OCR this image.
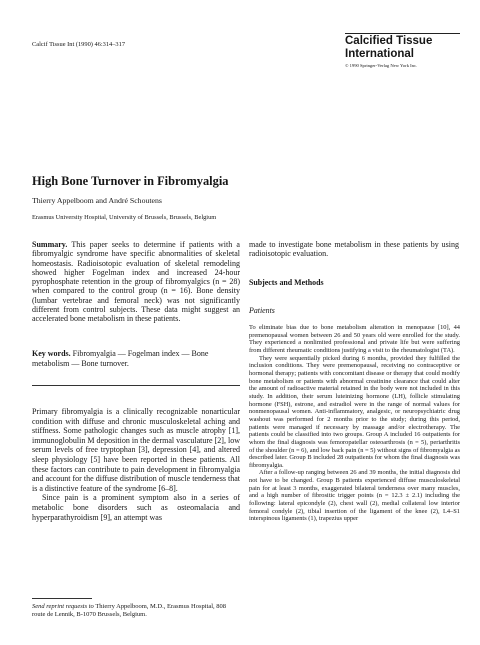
Calcif Tissue Int (1990) 46:314–317	Calcified Tissue
International
© 1990 Springer-Verlag New York Inc.
High Bone Turnover in Fibromyalgia
Thierry Appelboom and André Schoutens
Erasmus University Hospital, University of Brussels, Brussels, Belgium
Summary. This paper seeks to determine if patients with a fibromyalgic syndrome have specific abnormalities of skeletal homeostasis. Radioisotopic evaluation of skeletal remodeling showed higher Fogelman index and increased 24-hour pyrophosphate retention in the group of fibromyalgics (n = 28) when compared to the control group (n = 16). Bone density (lumbar vertebrae and femoral neck) was not significantly different from control subjects. These data might suggest an accelerated bone metabolism in these patients.
Key words. Fibromyalgia — Fogelman index — Bone metabolism — Bone turnover.

Primary fibromyalgia is a clinically recognizable nonarticular condition with diffuse and chronic musculoskeletal aching and stiffness. Some pathologic changes such as muscle atrophy [1], immunoglobulin M deposition in the dermal vasculature [2], low serum levels of free tryptophan [3], depression [4], and altered sleep physiology [5] have been reported in these patients. All these factors can contribute to pain development in fibromyalgia and account for the diffuse distribution of muscle tenderness that is a distinctive feature of the syndrome [6–8].

Since pain is a prominent symptom also in a series of metabolic bone disorders such as osteomalacia and hyperparathyroidism [9], an attempt was

Send reprint requests to Thierry Appelboom, M.D., Erasmus Hospital, 808 route de Lennik, B-1070 Brussels, Belgium.
made to investigate bone metabolism in these patients by using radioisotopic evaluation.
Subjects and Methods
Patients

To eliminate bias due to bone metabolism alteration in menopause [10], 44 premenopausal women between 26 and 50 years old were enrolled for the study. They experienced a nonlimited professional and private life but were suffering from different rheumatic conditions justifying a visit to the rheumatologist (TA).

They were sequentially picked during 6 months, provided they fulfilled the inclusion conditions. They were premenopausal, receiving no contraceptive or hormonal therapy; patients with concomitant disease or therapy that could modify bone metabolism or patients with abnormal creatinine clearance that could alter the amount of radioactive material retained in the body were not included in this study. In addition, their serum luteinizing hormone (LH), follicle stimulating hormone (FSH), estrone, and estradiol were in the range of normal values for nonmenopausal women. Anti-inflammatory, analgesic, or neuropsychiatric drug washout was performed for 2 months prior to the study; during this period, patients were managed if necessary by massage and/or electrotherapy. The patients could be classified into two groups. Group A included 16 outpatients for whom the final diagnosis was femoropatellar osteoarthrosis (n = 5), periarthritis of the shoulder (n = 6), and low back pain (n = 5) without signs of fibromyalgia as described later. Group B included 28 outpatients for whom the final diagnosis was fibromyalgia.

After a follow-up ranging between 26 and 39 months, the initial diagnosis did not have to be changed. Group B patients experienced diffuse musculoskeletal pain for at least 3 months, exaggerated bilateral tenderness over many muscles, and a high number of fibrositic trigger points (n = 12.3 ± 2.1) including the following: lateral epicondyle (2), chest wall (2), medial collateral low interior femoral condyle (2), tibial insertion of the ligament of the knee (2), L4–S1 interspinous ligaments (1), trapezius upper
